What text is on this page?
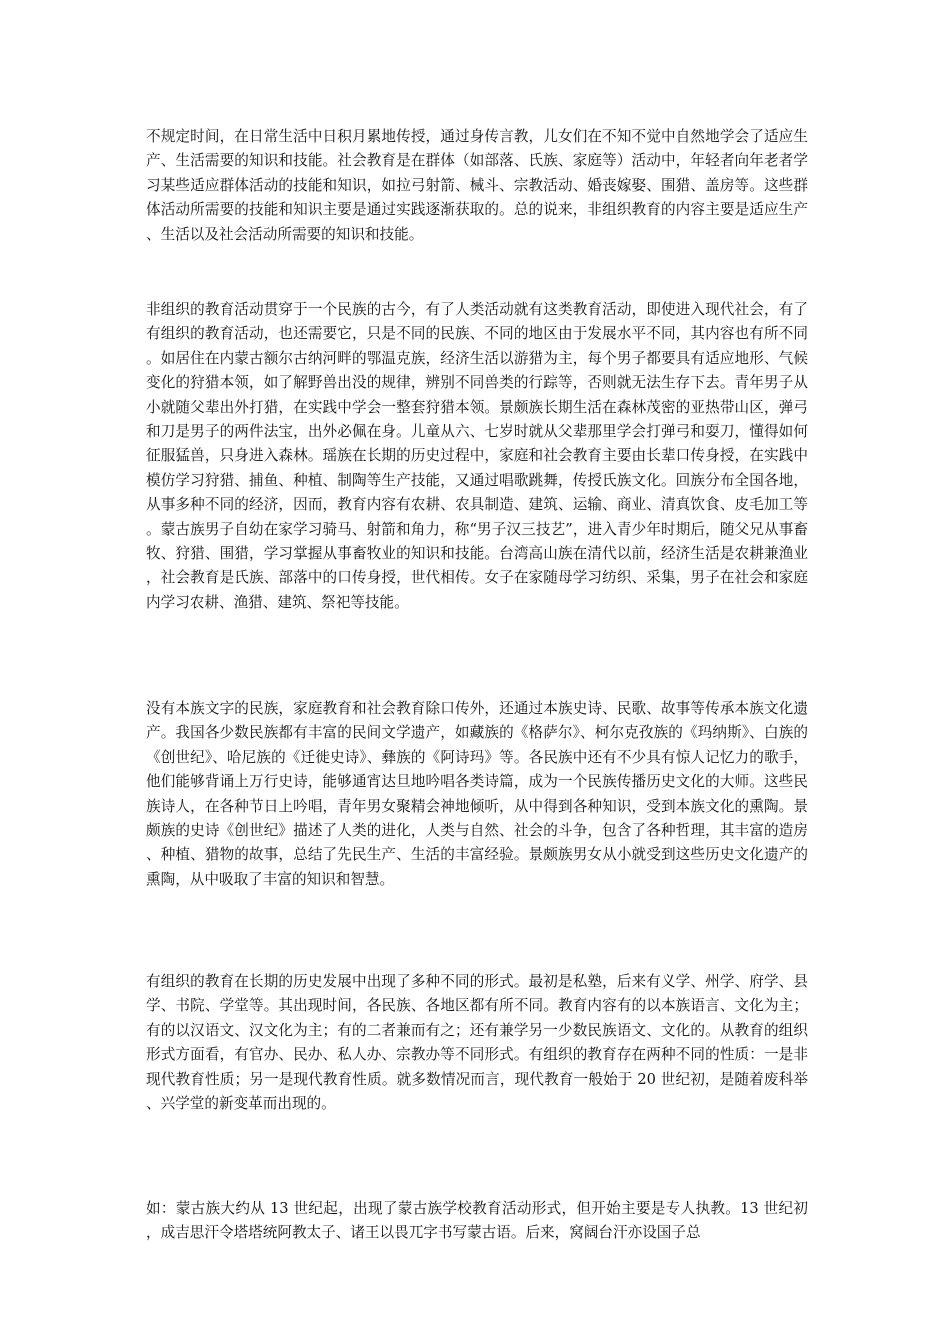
不规定时间，在日常生活中日积月累地传授，通过身传言教，儿女们在不知不觉中自然地学会了适应生产、生活需要的知识和技能。社会教育是在群体（如部落、氏族、家庭等）活动中，年轻者向年老者学习某些适应群体活动的技能和知识，如拉弓射箭、械斗、宗教活动、婚丧嫁娶、围猎、盖房等。这些群体活动所需要的技能和知识主要是通过实践逐渐获取的。总的说来，非组织教育的内容主要是适应生产、生活以及社会活动所需要的知识和技能。

非组织的教育活动贯穿于一个民族的古今，有了人类活动就有这类教育活动，即使进入现代社会，有了有组织的教育活动，也还需要它，只是不同的民族、不同的地区由于发展水平不同，其内容也有所不同。如居住在内蒙古额尔古纳河畔的鄂温克族，经济生活以游猎为主，每个男子都要具有适应地形、气候变化的狩猎本领，如了解野兽出没的规律，辨别不同兽类的行踪等，否则就无法生存下去。青年男子从小就随父辈出外打猎，在实践中学会一整套狩猎本领。景颇族长期生活在森林茂密的亚热带山区，弹弓和刀是男子的两件法宝，出外必佩在身。儿童从六、七岁时就从父辈那里学会打弹弓和耍刀，懂得如何征服猛兽，只身进入森林。瑶族在长期的历史过程中，家庭和社会教育主要由长辈口传身授，在实践中模仿学习狩猎、捕鱼、种植、制陶等生产技能，又通过唱歌跳舞，传授氏族文化。回族分布全国各地，从事多种不同的经济，因而，教育内容有农耕、农具制造、建筑、运输、商业、清真饮食、皮毛加工等。蒙古族男子自幼在家学习骑马、射箭和角力，称“男子汉三技艺”，进入青少年时期后，随父兄从事畜牧、狩猎、围猎，学习掌握从事畜牧业的知识和技能。台湾高山族在清代以前，经济生活是农耕兼渔业，社会教育是氏族、部落中的口传身授，世代相传。女子在家随母学习纺织、采集，男子在社会和家庭内学习农耕、渔猎、建筑、祭祀等技能。

没有本族文字的民族，家庭教育和社会教育除口传外，还通过本族史诗、民歌、故事等传承本族文化遗产。我国各少数民族都有丰富的民间文学遗产，如藏族的《格萨尔》、柯尔克孜族的《玛纳斯》、白族的《创世纪》、哈尼族的《迁徙史诗》、彝族的《阿诗玛》等。各民族中还有不少具有惊人记忆力的歌手，他们能够背诵上万行史诗，能够通宵达旦地吟唱各类诗篇，成为一个民族传播历史文化的大师。这些民族诗人，在各种节日上吟唱，青年男女聚精会神地倾听，从中得到各种知识，受到本族文化的熏陶。景颇族的史诗《创世纪》描述了人类的进化，人类与自然、社会的斗争，包含了各种哲理，其丰富的造房、种植、猎物的故事，总结了先民生产、生活的丰富经验。景颇族男女从小就受到这些历史文化遗产的熏陶，从中吸取了丰富的知识和智慧。

有组织的教育在长期的历史发展中出现了多种不同的形式。最初是私塾，后来有义学、州学、府学、县学、书院、学堂等。其出现时间，各民族、各地区都有所不同。教育内容有的以本族语言、文化为主；有的以汉语文、汉文化为主；有的二者兼而有之；还有兼学另一少数民族语文、文化的。从教育的组织形式方面看，有官办、民办、私人办、宗教办等不同形式。有组织的教育存在两种不同的性质：一是非现代教育性质；另一是现代教育性质。就多数情况而言，现代教育一般始于 20 世纪初，是随着废科举、兴学堂的新变革而出现的。

如：蒙古族大约从 13 世纪起，出现了蒙古族学校教育活动形式，但开始主要是专人执教。13 世纪初，成吉思汗令塔塔统阿教太子、诸王以畏兀字书写蒙古语。后来，窝阔台汗亦设国子总
